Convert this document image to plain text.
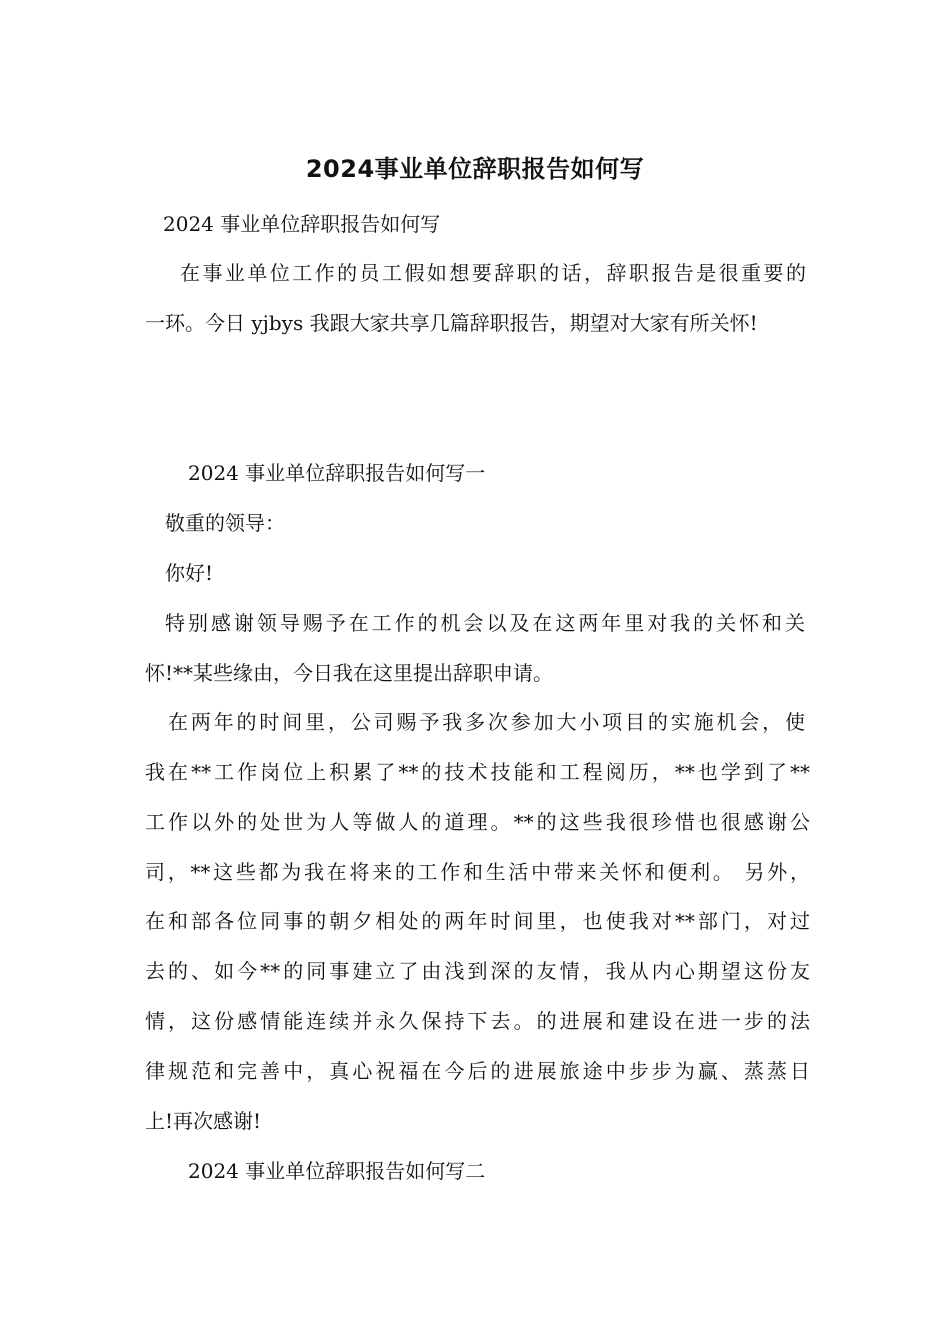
2024事业单位辞职报告如何写
2024 事业单位辞职报告如何写
在事业单位工作的员工假如想要辞职的话，辞职报告是很重要的
一环。今日 yjbys 我跟大家共享几篇辞职报告，期望对大家有所关怀!
2024 事业单位辞职报告如何写一
敬重的领导：
你好!
特别感谢领导赐予在工作的机会以及在这两年里对我的关怀和关
怀!**某些缘由，今日我在这里提出辞职申请。
在两年的时间里，公司赐予我多次参加大小项目的实施机会，使
我在**工作岗位上积累了**的技术技能和工程阅历，**也学到了**
工作以外的处世为人等做人的道理。**的这些我很珍惜也很感谢公
司，**这些都为我在将来的工作和生活中带来关怀和便利。 另外，
在和部各位同事的朝夕相处的两年时间里，也使我对**部门，对过
去的、如今**的同事建立了由浅到深的友情，我从内心期望这份友
情，这份感情能连续并永久保持下去。的进展和建设在进一步的法
律规范和完善中，真心祝福在今后的进展旅途中步步为赢、蒸蒸日
上!再次感谢!
2024 事业单位辞职报告如何写二
